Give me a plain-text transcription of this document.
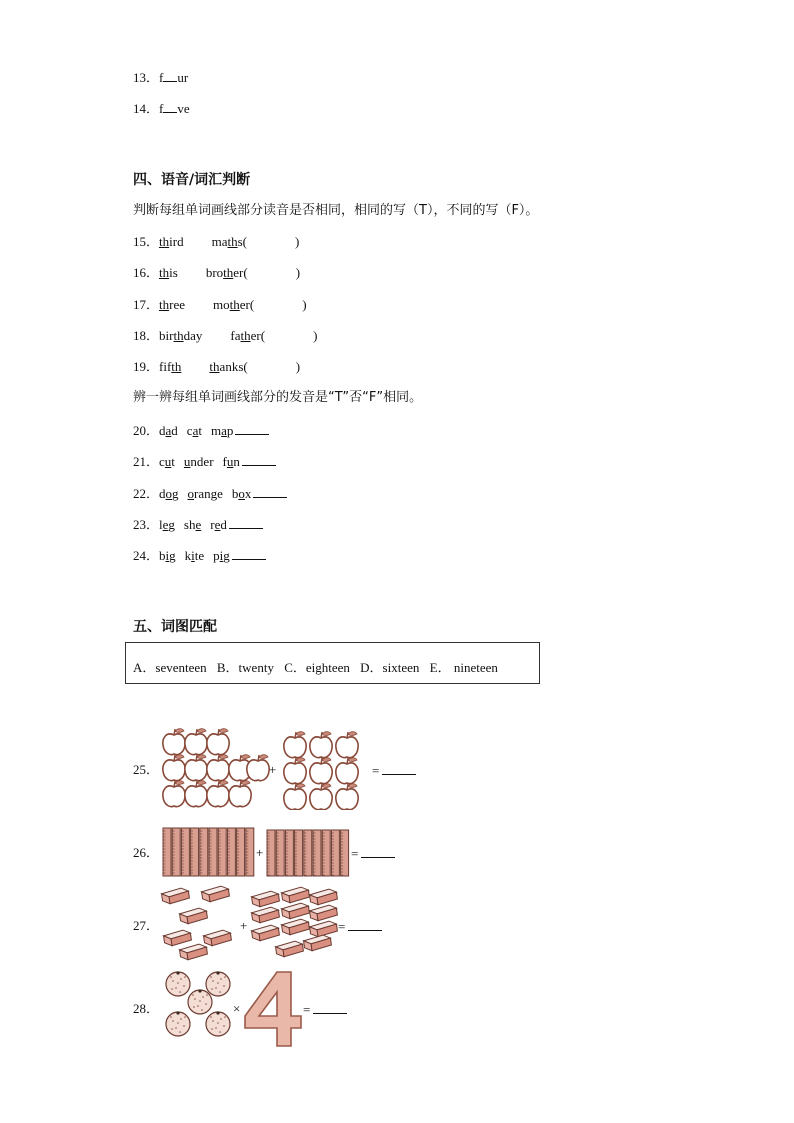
13．f ur
14．f ve
四、语音/词汇判断
判断每组单词画线部分读音是否相同，相同的写（T），不同的写（F）。
15．third maths(	)
16．this brother(	)
17．three mother(	)
18．birthday father(	)
19．fifth thanks(	)
辨一辨每组单词画线部分的发音是“T”否“F”相同。
20．dad cat map
21．cut under fun
22．dog orange box
23．leg she red
24．big kite pig
五、词图匹配
A．seventeen B．twenty C．eighteen D．sixteen E． nineteen
25．	+	=
26．	+	=
27．	+	=
28．	×	=
